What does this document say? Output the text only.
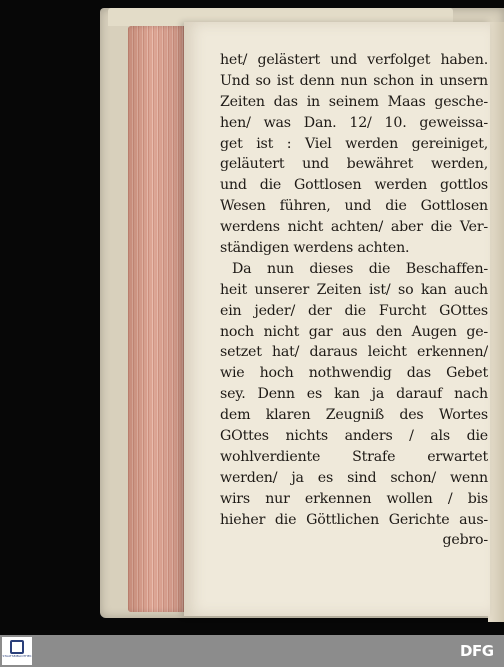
het/ gelästert und verfolget haben.
Und so ist denn nun schon in unsern
Zeiten das in seinem Maas gesche-
hen/ was Dan. 12/ 10. geweissa-
get ist : Viel werden gereiniget,
geläutert und bewähret werden,
und die Gottlosen werden gottlos
Wesen führen, und die Gottlosen
werdens nicht achten/ aber die Ver-
ständigen werdens achten.
Da nun dieses die Beschaffen-
heit unserer Zeiten ist/ so kan auch
ein jeder/ der die Furcht GOttes
noch nicht gar aus den Augen ge-
setzet hat/ daraus leicht erkennen/
wie hoch nothwendig das Gebet
sey. Denn es kan ja darauf nach
dem klaren Zeugniß des Wortes
GOttes nichts anders / als die
wohlverdiente Strafe erwartet
werden/ ja es sind schon/ wenn
wirs nur erkennen wollen / bis
hieher die Göttlichen Gerichte aus-
gebro-
STAATSBIBLIOTHEK	DFG
